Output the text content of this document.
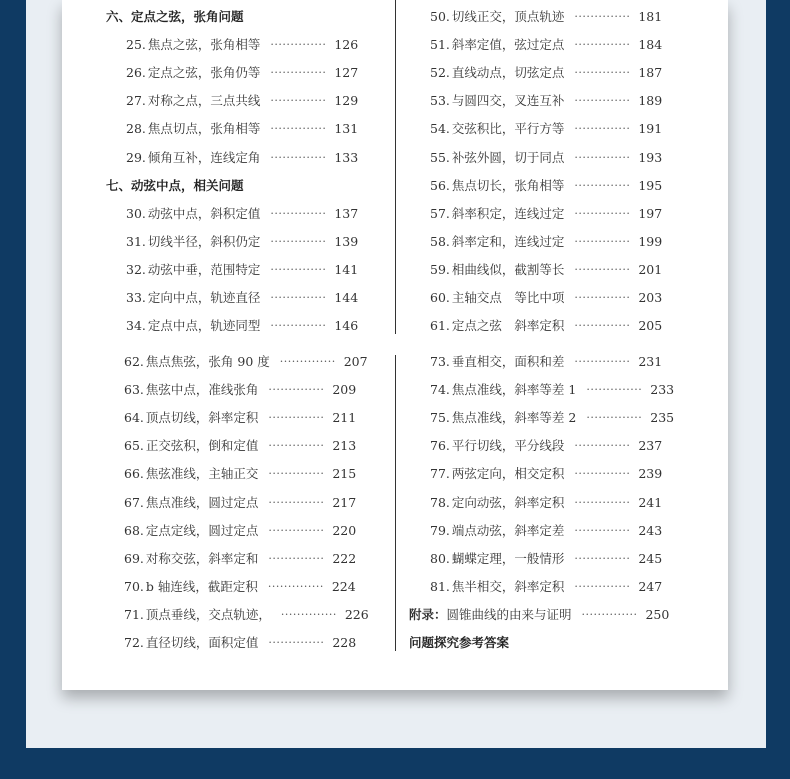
六、定点之弦，张角问题
25. 焦点之弦，张角相等 ·············· 126
26. 定点之弦，张角仍等 ·············· 127
27. 对称之点，三点共线 ·············· 129
28. 焦点切点，张角相等 ·············· 131
29. 倾角互补，连线定角 ·············· 133
七、动弦中点，相关问题
30. 动弦中点，斜积定值 ·············· 137
31. 切线半径，斜积仍定 ·············· 139
32. 动弦中垂，范围特定 ·············· 141
33. 定向中点，轨迹直径 ·············· 144
34. 定点中点，轨迹同型 ·············· 146
50. 切线正交，顶点轨迹 ·············· 181
51. 斜率定值，弦过定点 ·············· 184
52. 直线动点，切弦定点 ·············· 187
53. 与圆四交，叉连互补 ·············· 189
54. 交弦积比，平行方等 ·············· 191
55. 补弦外圆，切于同点 ·············· 193
56. 焦点切长，张角相等 ·············· 195
57. 斜率积定，连线过定 ·············· 197
58. 斜率定和，连线过定 ·············· 199
59. 相曲线似，截割等长 ·············· 201
60. 主轴交点　等比中项 ·············· 203
61. 定点之弦　斜率定积 ·············· 205
62. 焦点焦弦，张角 90 度 ·············· 207
63. 焦弦中点，准线张角 ·············· 209
64. 顶点切线，斜率定积 ·············· 211
65. 正交弦积，倒和定值 ·············· 213
66. 焦弦准线，主轴正交 ·············· 215
67. 焦点准线，圆过定点 ·············· 217
68. 定点定线，圆过定点 ·············· 220
69. 对称交弦，斜率定和 ·············· 222
70. b 轴连线，截距定积 ·············· 224
71. 顶点垂线，交点轨迹， ·············· 226
72. 直径切线，面积定值 ·············· 228
73. 垂直相交，面积和差 ·············· 231
74. 焦点准线，斜率等差 1 ·············· 233
75. 焦点准线，斜率等差 2 ·············· 235
76. 平行切线，平分线段 ·············· 237
77. 两弦定向，相交定积 ·············· 239
78. 定向动弦，斜率定积 ·············· 241
79. 端点动弦，斜率定差 ·············· 243
80. 蝴蝶定理，一般情形 ·············· 245
81. 焦半相交，斜率定积 ·············· 247
附录： 圆锥曲线的由来与证明 ·············· 250
问题探究参考答案
